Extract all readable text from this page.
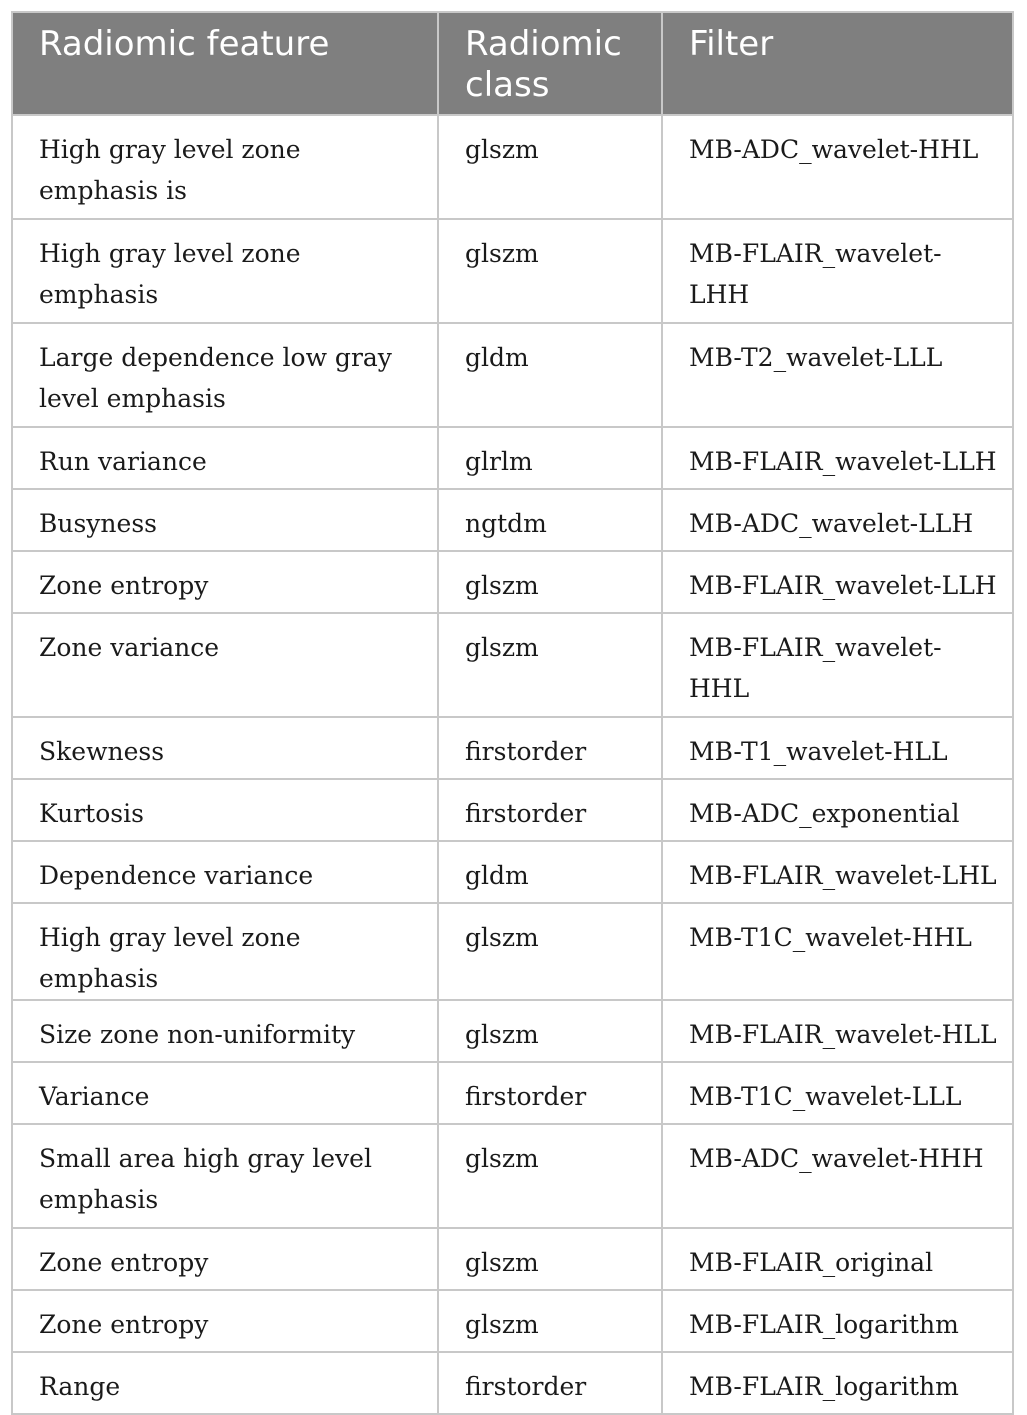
Radiomic feature	Radiomic class	Filter
High gray level zone emphasis is	glszm	MB-ADC_wavelet-HHL
High gray level zone emphasis	glszm	MB-FLAIR_wavelet-LHH
Large dependence low gray level emphasis	gldm	MB-T2_wavelet-LLL
Run variance	glrlm	MB-FLAIR_wavelet-LLH
Busyness	ngtdm	MB-ADC_wavelet-LLH
Zone entropy	glszm	MB-FLAIR_wavelet-LLH
Zone variance	glszm	MB-FLAIR_wavelet-HHL
Skewness	firstorder	MB-T1_wavelet-HLL
Kurtosis	firstorder	MB-ADC_exponential
Dependence variance	gldm	MB-FLAIR_wavelet-LHL
High gray level zone emphasis	glszm	MB-T1C_wavelet-HHL
Size zone non-uniformity	glszm	MB-FLAIR_wavelet-HLL
Variance	firstorder	MB-T1C_wavelet-LLL
Small area high gray level emphasis	glszm	MB-ADC_wavelet-HHH
Zone entropy	glszm	MB-FLAIR_original
Zone entropy	glszm	MB-FLAIR_logarithm
Range	firstorder	MB-FLAIR_logarithm
